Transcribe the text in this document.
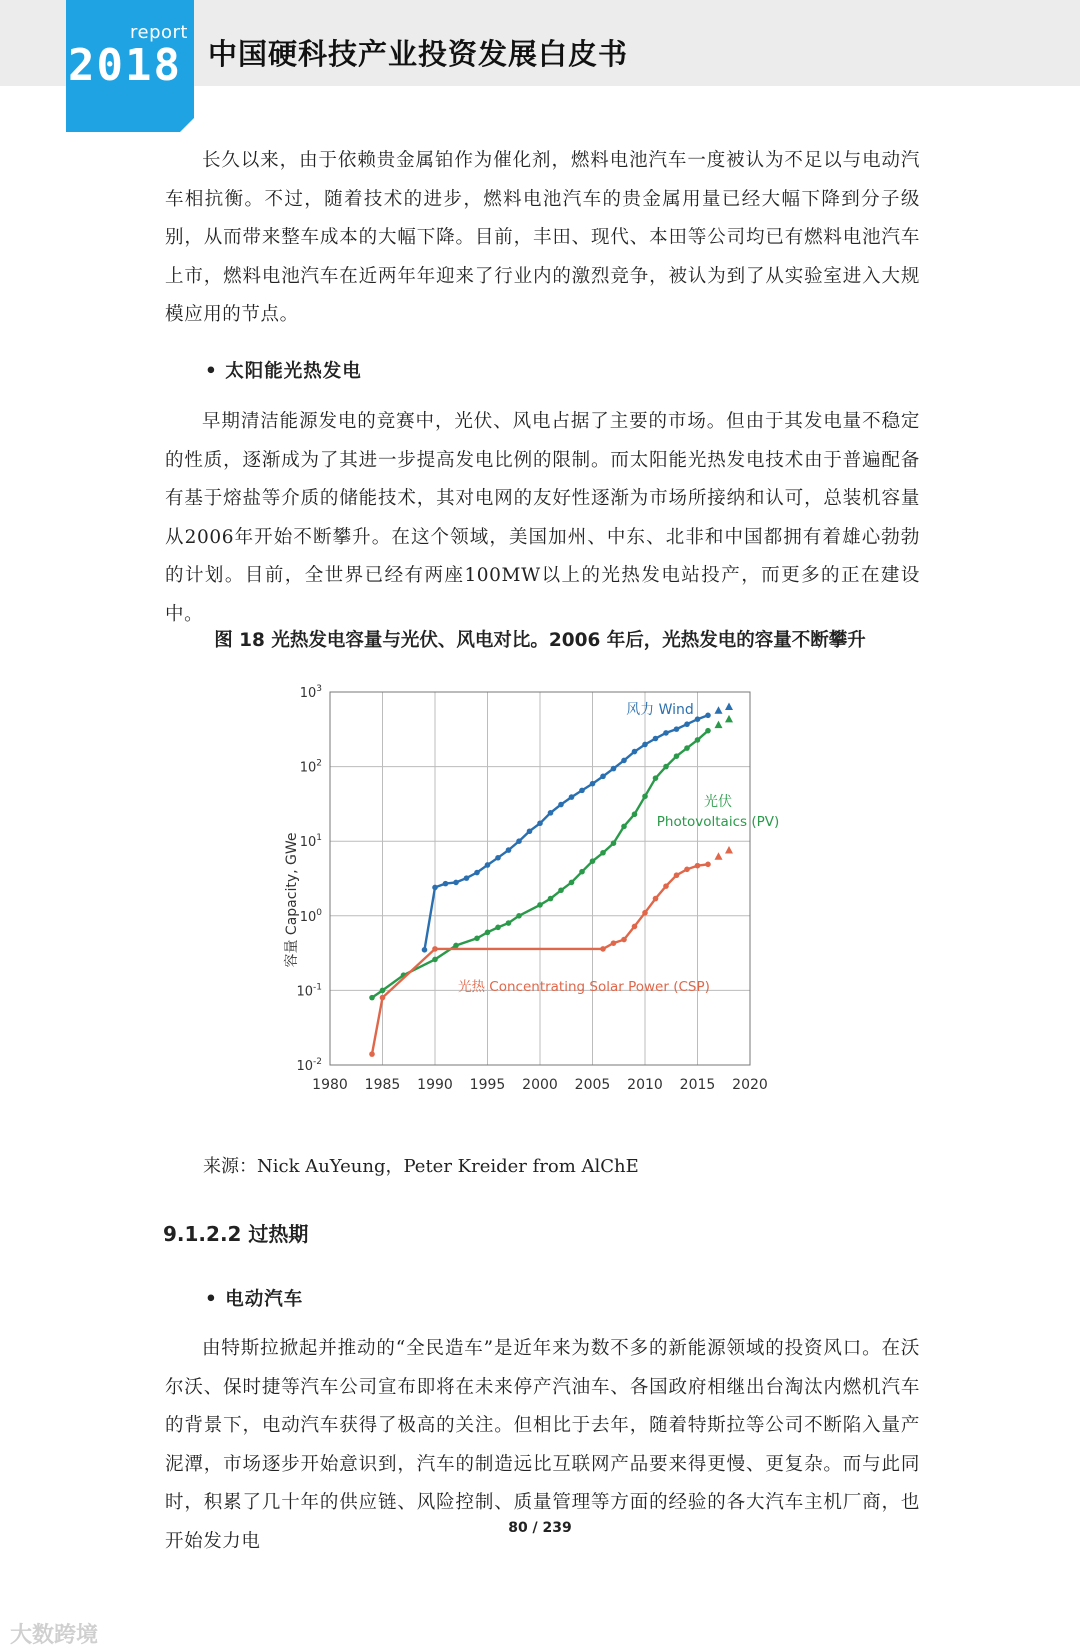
report
2018 中国硬科技产业投资发展白皮书

长久以来，由于依赖贵金属铂作为催化剂，燃料电池汽车一度被认为不足以与电动汽车相抗衡。不过，随着技术的进步，燃料电池汽车的贵金属用量已经大幅下降到分子级别，从而带来整车成本的大幅下降。目前，丰田、现代、本田等公司均已有燃料电池汽车上市，燃料电池汽车在近两年年迎来了行业内的激烈竞争，被认为到了从实验室进入大规模应用的节点。

• 太阳能光热发电

早期清洁能源发电的竞赛中，光伏、风电占据了主要的市场。但由于其发电量不稳定的性质，逐渐成为了其进一步提高发电比例的限制。而太阳能光热发电技术由于普遍配备有基于熔盐等介质的储能技术，其对电网的友好性逐渐为市场所接纳和认可，总装机容量从2006年开始不断攀升。在这个领域，美国加州、中东、北非和中国都拥有着雄心勃勃的计划。目前，全世界已经有两座100MW以上的光热发电站投产，而更多的正在建设中。

图 18 光热发电容量与光伏、风电对比。2006 年后，光热发电的容量不断攀升
1980 1985 1990 1995 2000 2005 2010 2015 2020
$10^{-2}$
$10^{-1}$
$10^0$
$10^1$
$10^2$
$10^3$
容量 Capacity, GWe
风力 Wind
光伏
Photovoltaics (PV)
光热 Concentrating Solar Power (CSP)
来源：Nick AuYeung，Peter Kreider from AlChE
9.1.2.2 过热期
• 电动汽车

由特斯拉掀起并推动的“全民造车”是近年来为数不多的新能源领域的投资风口。在沃尔沃、保时捷等汽车公司宣布即将在未来停产汽油车、各国政府相继出台淘汰内燃机汽车的背景下，电动汽车获得了极高的关注。但相比于去年，随着特斯拉等公司不断陷入量产泥潭，市场逐步开始意识到，汽车的制造远比互联网产品要来得更慢、更复杂。而与此同时，积累了几十年的供应链、风险控制、质量管理等方面的经验的各大汽车主机厂商，也开始发力电

80 / 239
大数跨境
